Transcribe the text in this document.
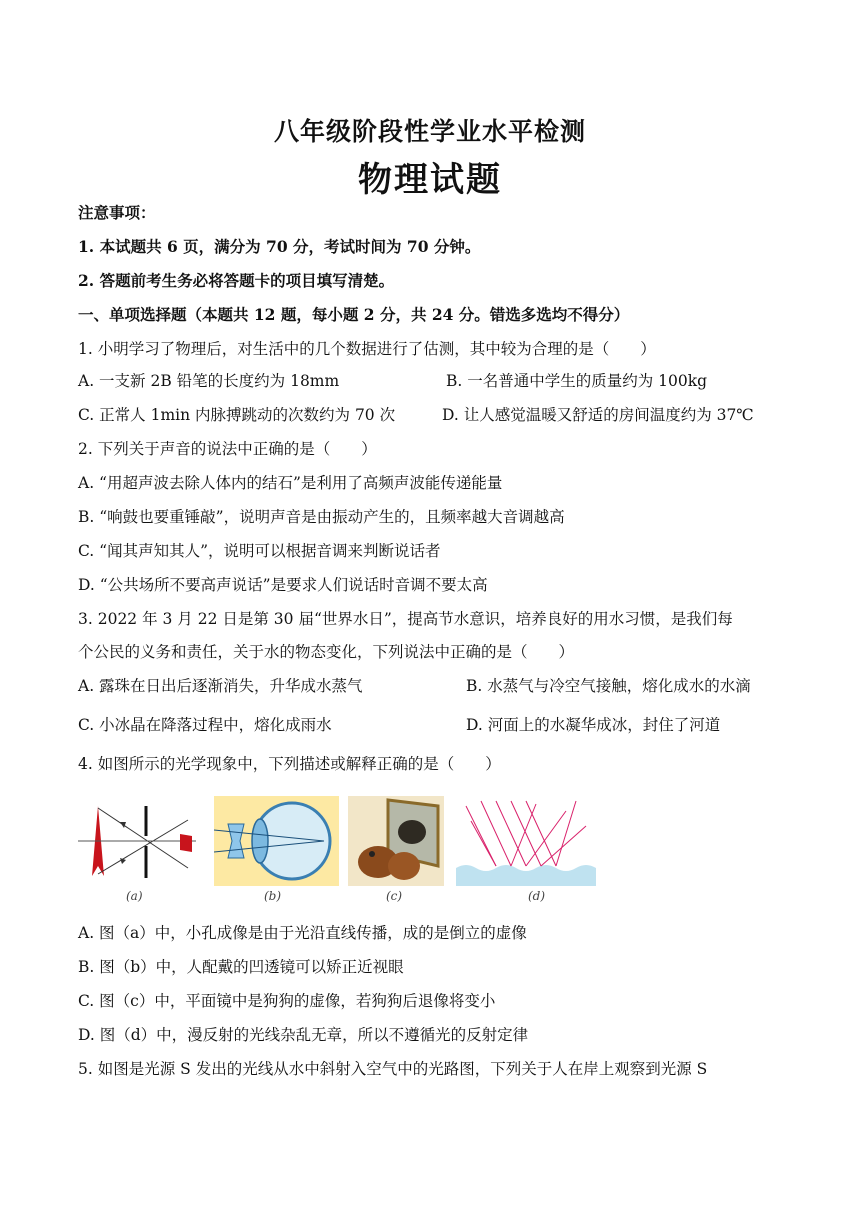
八年级阶段性学业水平检测
物理试题
注意事项：
1. 本试题共 6 页，满分为 70 分，考试时间为 70 分钟。
2. 答题前考生务必将答题卡的项目填写清楚。
一、单项选择题（本题共 12 题，每小题 2 分，共 24 分。错选多选均不得分）
1. 小明学习了物理后，对生活中的几个数据进行了估测，其中较为合理的是（　　）
A. 一支新 2B 铅笔的长度约为 18mm	B. 一名普通中学生的质量约为 100kg
C. 正常人 1min 内脉搏跳动的次数约为 70 次	D. 让人感觉温暖又舒适的房间温度约为 37℃
2. 下列关于声音的说法中正确的是（　　）
A. “用超声波去除人体内的结石”是利用了高频声波能传递能量
B. “响鼓也要重锤敲”，说明声音是由振动产生的，且频率越大音调越高
C. “闻其声知其人”，说明可以根据音调来判断说话者
D. “公共场所不要高声说话”是要求人们说话时音调不要太高
3. 2022 年 3 月 22 日是第 30 届“世界水日”，提高节水意识，培养良好的用水习惯，是我们每
个公民的义务和责任，关于水的物态变化，下列说法中正确的是（　　）
A. 露珠在日出后逐渐消失，升华成水蒸气	B. 水蒸气与冷空气接触，熔化成水的水滴
C. 小冰晶在降落过程中，熔化成雨水	D. 河面上的水凝华成冰，封住了河道
4. 如图所示的光学现象中，下列描述或解释正确的是（　　）
(a)	(b)	(c)	(d)
A. 图（a）中，小孔成像是由于光沿直线传播，成的是倒立的虚像
B. 图（b）中，人配戴的凹透镜可以矫正近视眼
C. 图（c）中，平面镜中是狗狗的虚像，若狗狗后退像将变小
D. 图（d）中，漫反射的光线杂乱无章，所以不遵循光的反射定律
5. 如图是光源 S 发出的光线从水中斜射入空气中的光路图，下列关于人在岸上观察到光源 S
